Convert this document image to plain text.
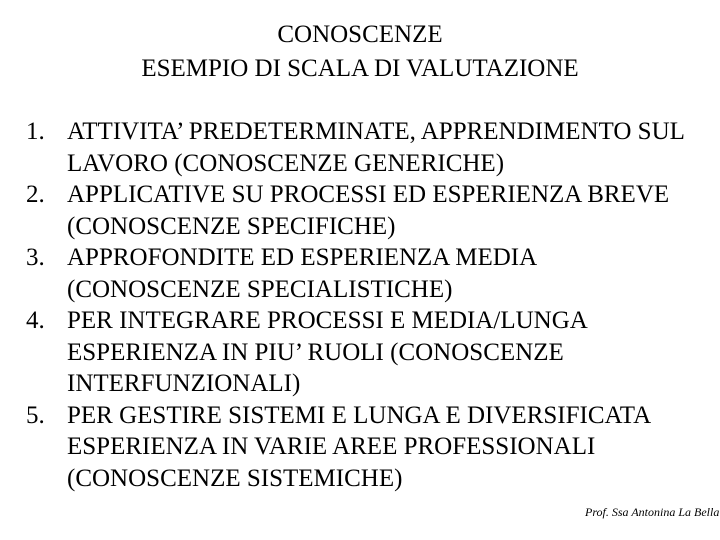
CONOSCENZE
ESEMPIO DI SCALA DI VALUTAZIONE
1. ATTIVITA’ PREDETERMINATE, APPRENDIMENTO SUL LAVORO (CONOSCENZE GENERICHE)
2. APPLICATIVE SU PROCESSI ED ESPERIENZA BREVE (CONOSCENZE SPECIFICHE)
3. APPROFONDITE ED ESPERIENZA MEDIA (CONOSCENZE SPECIALISTICHE)
4. PER INTEGRARE PROCESSI E MEDIA/LUNGA ESPERIENZA IN PIU’ RUOLI (CONOSCENZE INTERFUNZIONALI)
5. PER GESTIRE SISTEMI E LUNGA E DIVERSIFICATA ESPERIENZA IN VARIE AREE PROFESSIONALI (CONOSCENZE SISTEMICHE)
Prof. Ssa Antonina La Bella
